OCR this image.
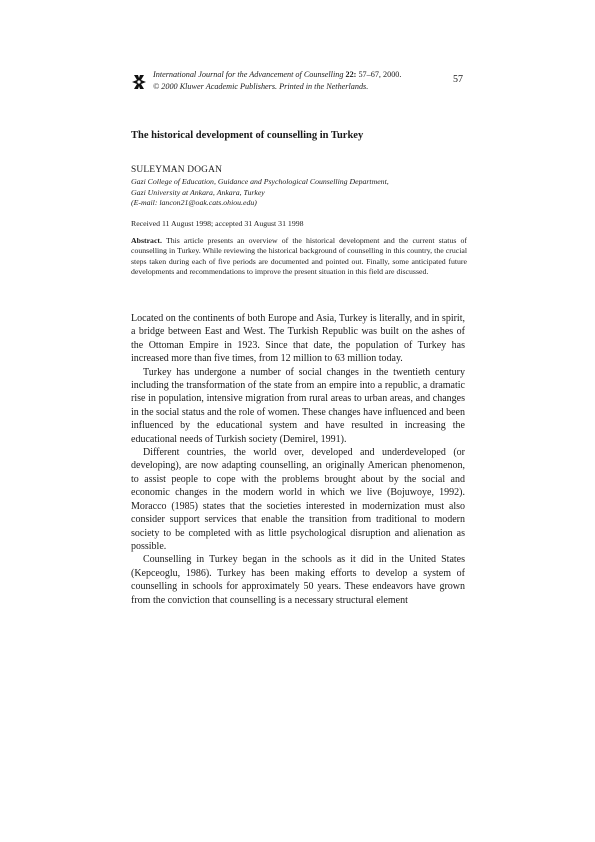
International Journal for the Advancement of Counselling 22: 57–67, 2000.
© 2000 Kluwer Academic Publishers. Printed in the Netherlands.
57
The historical development of counselling in Turkey
SULEYMAN DOGAN
Gazi College of Education, Guidance and Psychological Counselling Department,
Gazi University at Ankara, Ankara, Turkey
(E-mail: lancon21@oak.cats.ohiou.edu)
Received 11 August 1998; accepted 31 August 31 1998
Abstract. This article presents an overview of the historical development and the current status of counselling in Turkey. While reviewing the historical background of counselling in this country, the crucial steps taken during each of five periods are documented and pointed out. Finally, some anticipated future developments and recommendations to improve the present situation in this field are discussed.

Located on the continents of both Europe and Asia, Turkey is literally, and in spirit, a bridge between East and West. The Turkish Republic was built on the ashes of the Ottoman Empire in 1923. Since that date, the population of Turkey has increased more than five times, from 12 million to 63 million today.

Turkey has undergone a number of social changes in the twentieth century including the transformation of the state from an empire into a republic, a dramatic rise in population, intensive migration from rural areas to urban areas, and changes in the social status and the role of women. These changes have influenced and been influenced by the educational system and have resulted in increasing the educational needs of Turkish society (Demirel, 1991).

Different countries, the world over, developed and underdeveloped (or developing), are now adapting counselling, an originally American phenomenon, to assist people to cope with the problems brought about by the social and economic changes in the modern world in which we live (Bojuwoye, 1992). Moracco (1985) states that the societies interested in modernization must also consider support services that enable the transition from traditional to modern society to be completed with as little psychological disruption and alienation as possible.

Counselling in Turkey began in the schools as it did in the United States (Kepceoglu, 1986). Turkey has been making efforts to develop a system of counselling in schools for approximately 50 years. These endeavors have grown from the conviction that counselling is a necessary structural element
